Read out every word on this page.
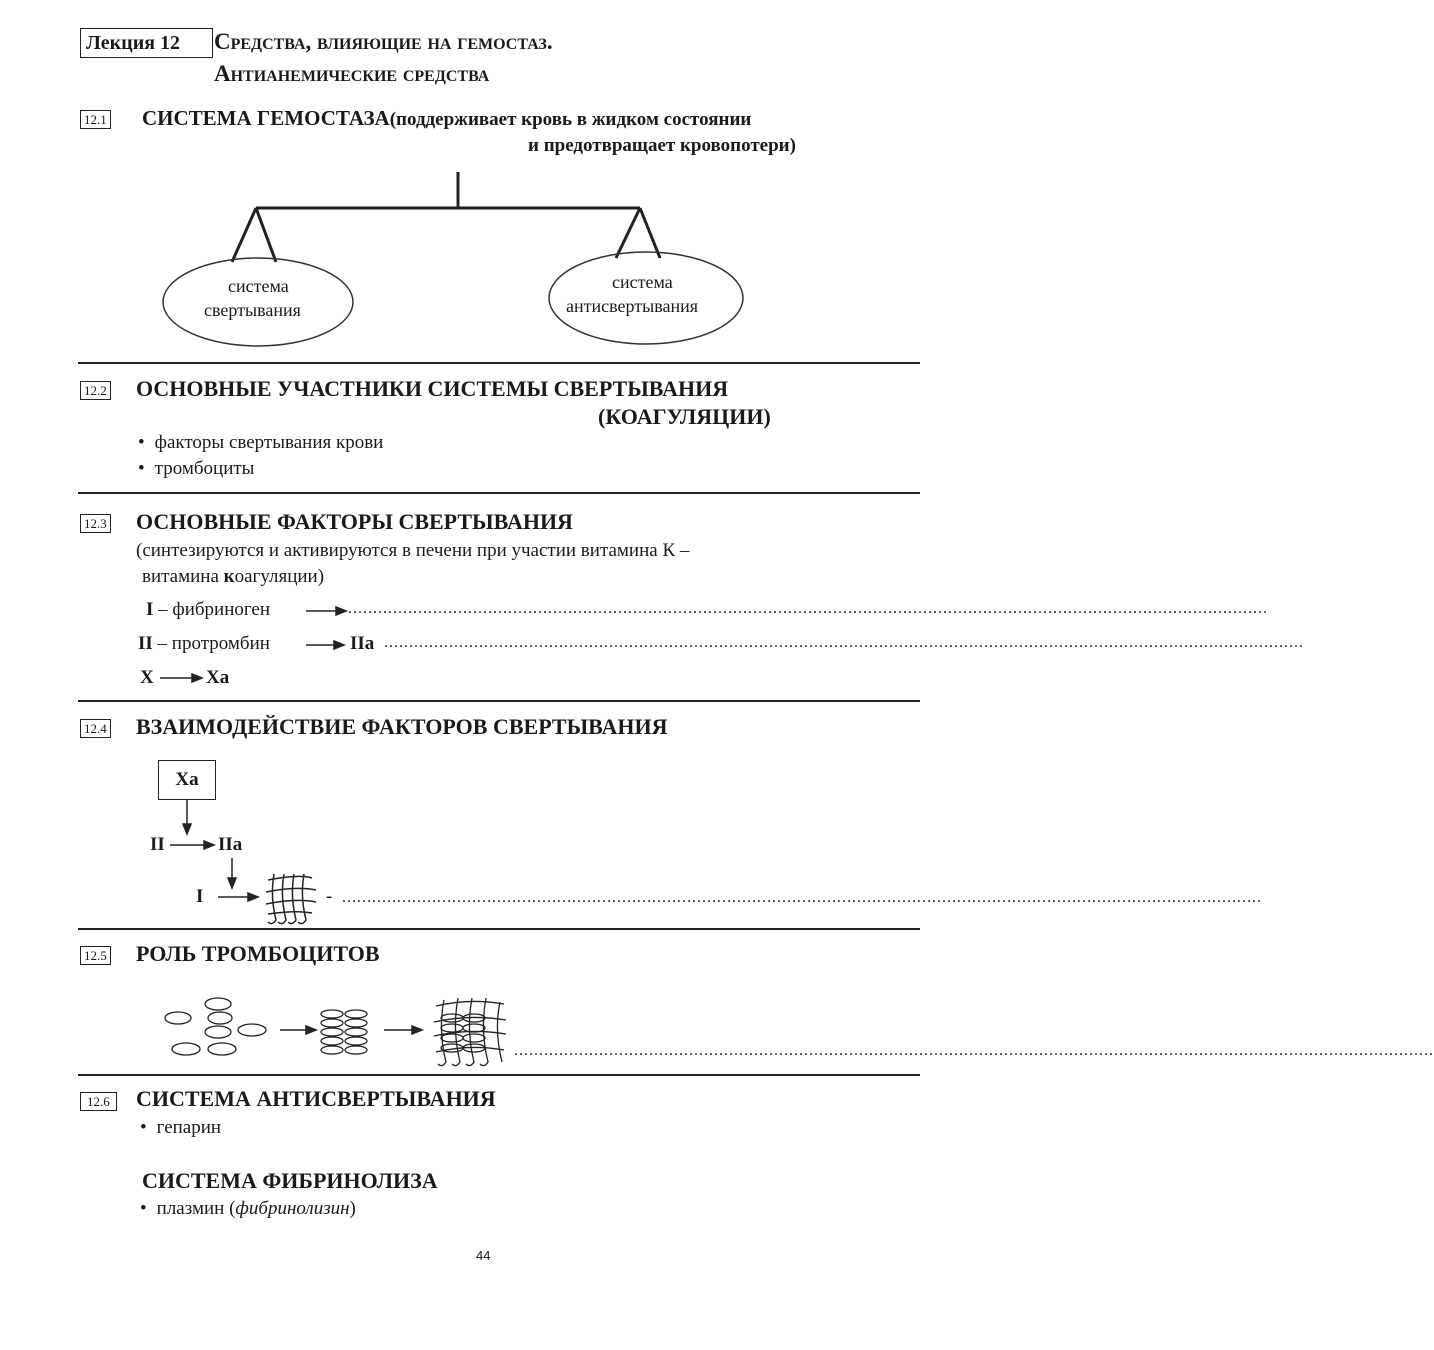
Лекция 12	Средства, влияющие на гемостаз.
Антианемические средства
12.1 СИСТЕМА ГЕМОСТАЗА(поддерживает кровь в жидком состоянии
и предотвращает кровопотери)
система
свертывания
система
антисвертывания
12.2 ОСНОВНЫЕ УЧАСТНИКИ СИСТЕМЫ СВЕРТЫВАНИЯ
(КОАГУЛЯЦИИ)
• факторы свертывания крови
• тромбоциты
12.3 ОСНОВНЫЕ ФАКТОРЫ СВЕРТЫВАНИЯ
(синтезируются и активируются в печени при участии витамина К –
витамина коагуляции)
I – фибриноген	........................................................................................................................................................................................
II – протромбин	IIa ........................................................................................................................................................................................
X	Xa
12.4 ВЗАИМОДЕЙСТВИЕ ФАКТОРОВ СВЕРТЫВАНИЯ
Xa
II	IIa
I	- ........................................................................................................................................................................................
12.5 РОЛЬ ТРОМБОЦИТОВ
........................................................................................................................................................................................
12.6	СИСТЕМА АНТИСВЕРТЫВАНИЯ
• гепарин
СИСТЕМА ФИБРИНОЛИЗА
• плазмин (фибринолизин)
44
